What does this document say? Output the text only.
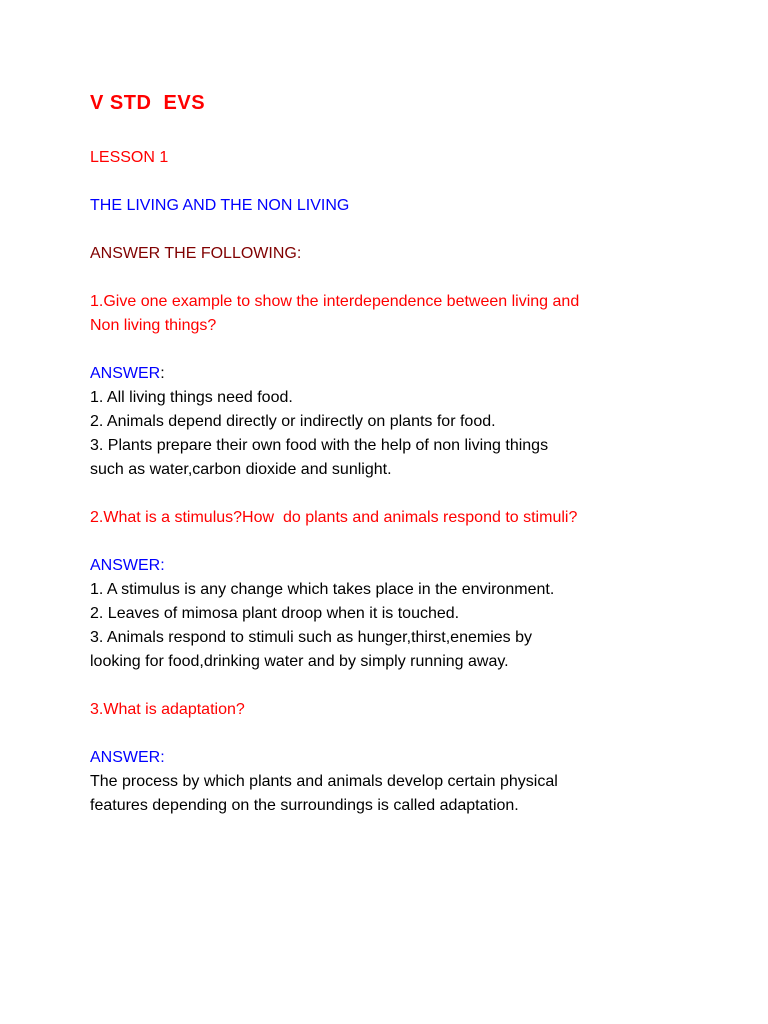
V STD  EVS

LESSON 1

THE LIVING AND THE NON LIVING

ANSWER THE FOLLOWING:

1.Give one example to show the interdependence between living and
Non living things?
ANSWER:
1. All living things need food.
2. Animals depend directly or indirectly on plants for food.
3. Plants prepare their own food with the help of non living things
such as water,carbon dioxide and sunlight.
2.What is a stimulus?How  do plants and animals respond to stimuli?
ANSWER:
1. A stimulus is any change which takes place in the environment.
2. Leaves of mimosa plant droop when it is touched.
3. Animals respond to stimuli such as hunger,thirst,enemies by
looking for food,drinking water and by simply running away.
3.What is adaptation?
ANSWER:
The process by which plants and animals develop certain physical
features depending on the surroundings is called adaptation.
